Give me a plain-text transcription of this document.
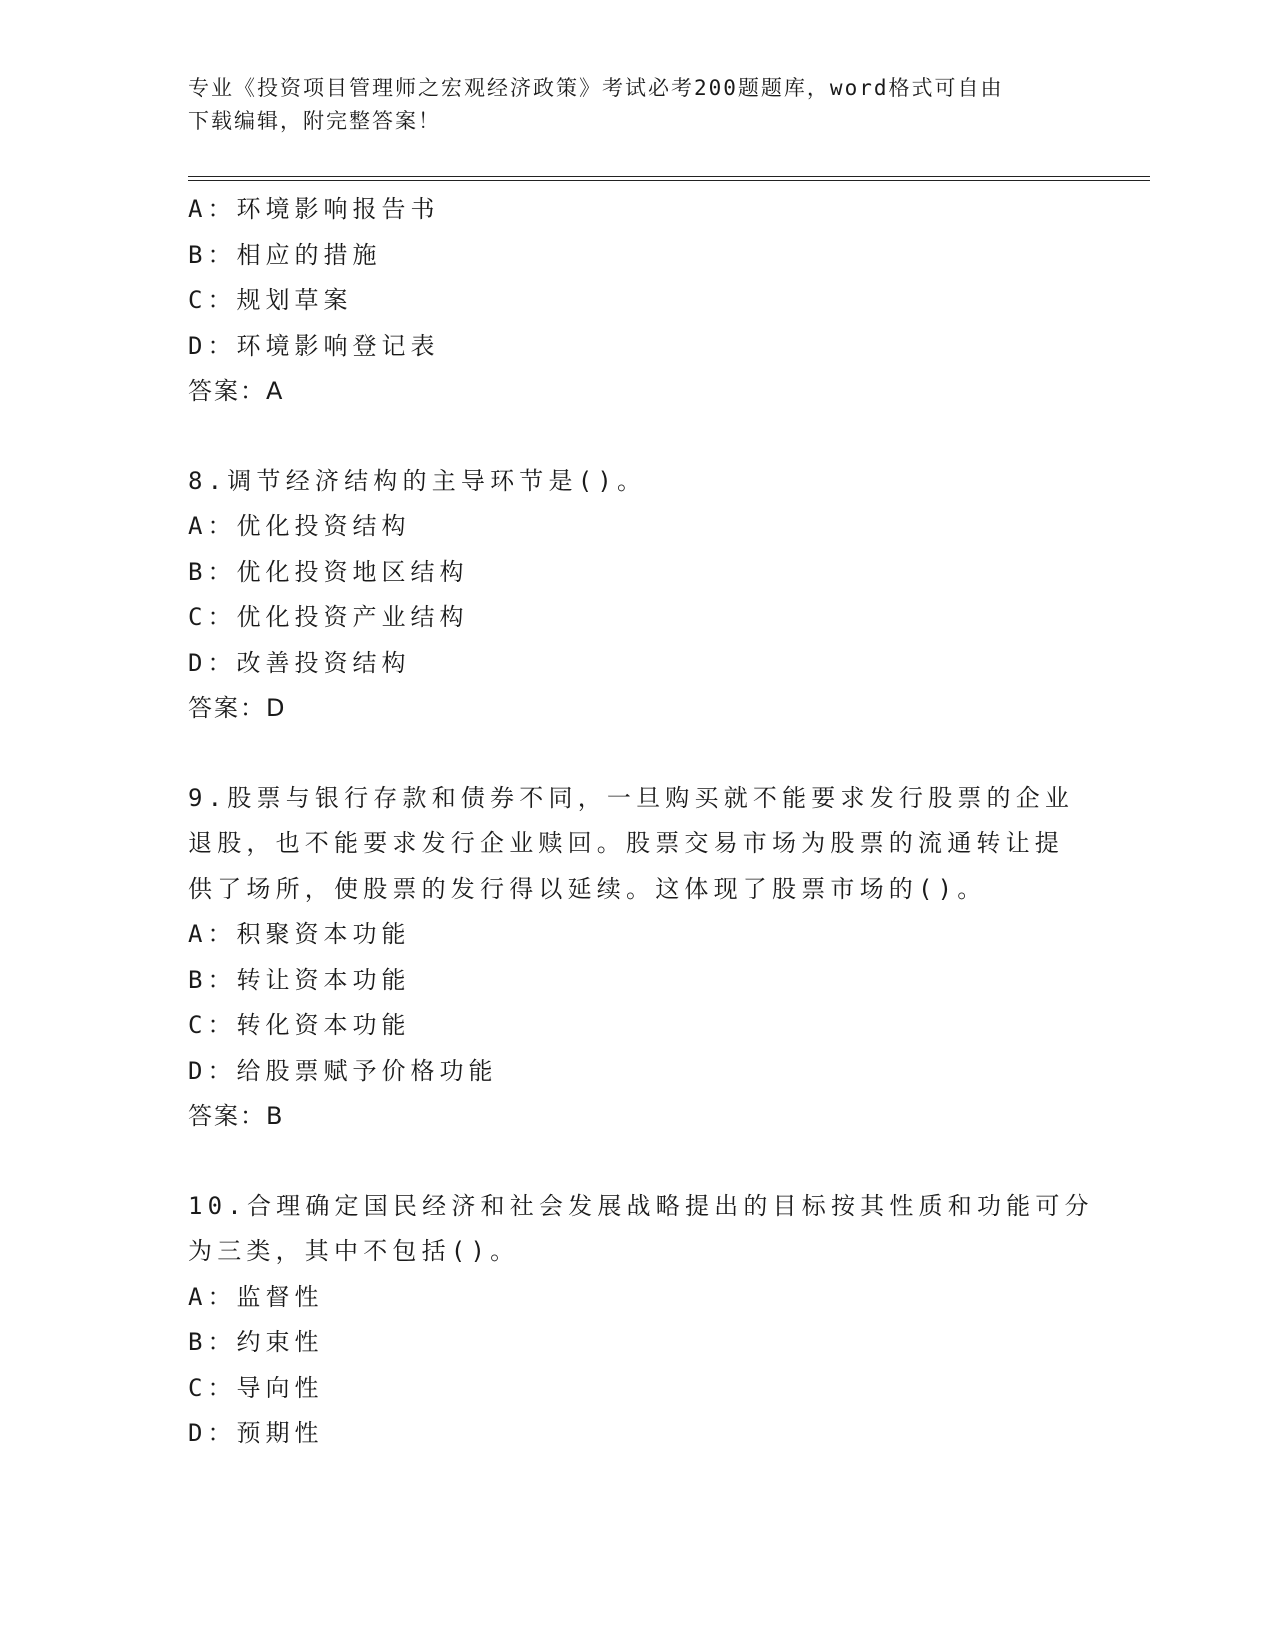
专业《投资项目管理师之宏观经济政策》考试必考200题题库，word格式可自由
下载编辑，附完整答案！
A：环境影响报告书
B：相应的措施
C：规划草案
D：环境影响登记表
答案：A
8.调节经济结构的主导环节是()。
A：优化投资结构
B：优化投资地区结构
C：优化投资产业结构
D：改善投资结构
答案：D
9.股票与银行存款和债券不同，一旦购买就不能要求发行股票的企业
退股，也不能要求发行企业赎回。股票交易市场为股票的流通转让提
供了场所，使股票的发行得以延续。这体现了股票市场的()。
A：积聚资本功能
B：转让资本功能
C：转化资本功能
D：给股票赋予价格功能
答案：B
10.合理确定国民经济和社会发展战略提出的目标按其性质和功能可分
为三类，其中不包括()。
A：监督性
B：约束性
C：导向性
D：预期性
